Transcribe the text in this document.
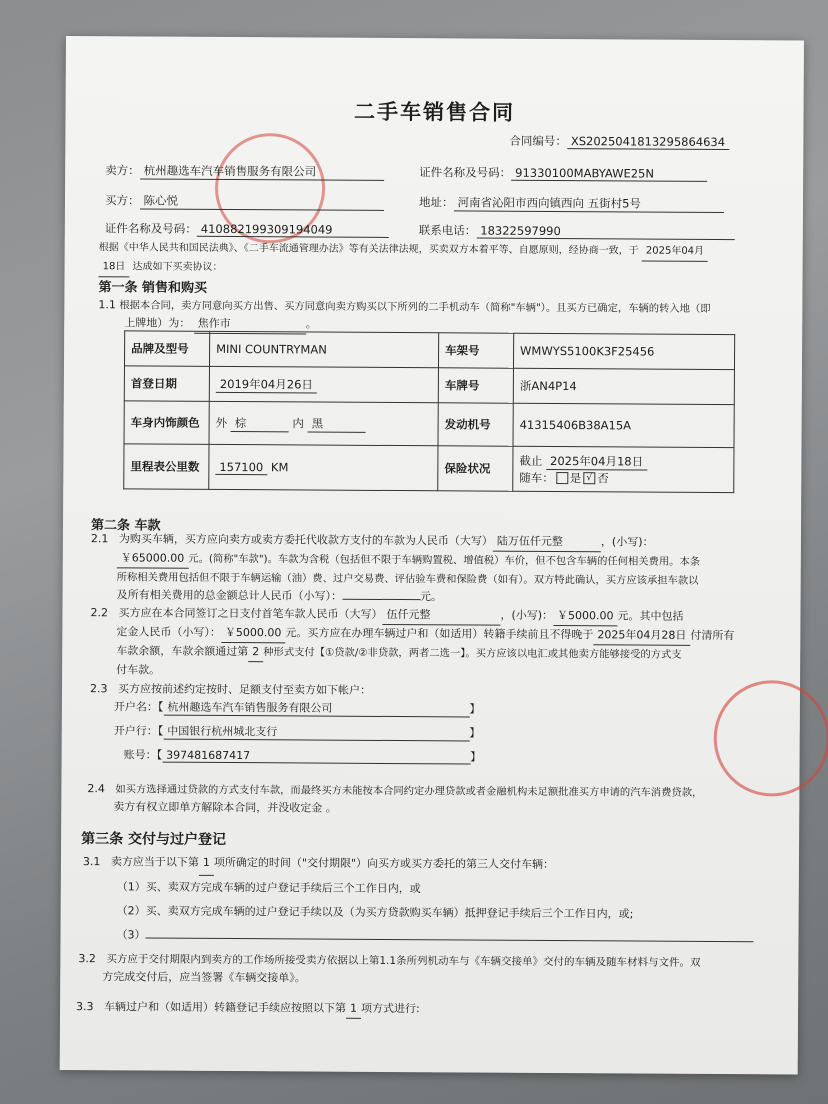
二手车销售合同
合同编号： XS2025041813295864634
卖方： 杭州趣选车汽车销售服务有限公司	证件名称及号码： 91330100MABYAWE25N
买方： 陈心悦	地址： 河南省沁阳市西向镇西向 五街村5号
证件名称及号码： 410882199309194049	联系电话： 18322597990
根据《中华人民共和国民法典》、《二手车流通管理办法》等有关法律法规，买卖双方本着平等、自愿原则，经协商一致，于 2025年04月
18日 达成如下买卖协议：
第一条 销售和购买
1.1 根据本合同，卖方同意向买方出售、买方同意向卖方购买以下所列的二手机动车（简称"车辆"）。且买方已确定，车辆的转入地（即
上牌地）为： 焦作市	。
品牌及型号	MINI COUNTRYMAN	车架号	WMWYS5100K3F25456
首登日期	2019年04月26日	车牌号	浙AN4P14
车身内饰颜色	外 棕 内 黑	发动机号	41315406B38A15A
里程表公里数	157100 KM	保险状况	截止 2025年04月18日
随车： 是 √ 否
第二条 车款
2.1 为购买车辆，买方应向卖方或卖方委托代收款方支付的车款为人民币（大写） 陆万伍仟元整	，(小写)：
￥65000.00 元。(简称"车款")。车款为含税（包括但不限于车辆购置税、增值税）车价，但不包含车辆的任何相关费用。本条
所称相关费用包括但不限于车辆运输（油）费、过户交易费、评估验车费和保险费（如有）。双方特此确认，买方应该承担车款以
及所有相关费用的总金额总计人民币（小写）：	元。
2.2 买方应在本合同签订之日支付首笔车款人民币（大写） 伍仟元整	，(小写)： ￥5000.00 元。其中包括
定金人民币（小写）： ￥5000.00 元。买方应在办理车辆过户和（如适用）转籍手续前且不得晚于 2025年04月28日 付清所有
车款余额，车款余额通过第 2 种形式支付【①贷款/②非贷款，两者二选一】。买方应该以电汇或其他卖方能够接受的方式支
付车款。
2.3 买方应按前述约定按时、足额支付至卖方如下帐户：
开户名：【 杭州趣选车汽车销售服务有限公司	】
开户行：【 中国银行杭州城北支行	】
账号：【 397481687417	】
2.4 如买方选择通过贷款的方式支付车款，而最终买方未能按本合同约定办理贷款或者金融机构未足额批准买方申请的汽车消费贷款，
卖方有权立即单方解除本合同，并没收定金 。
第三条 交付与过户登记
3.1 卖方应当于以下第 1 项所确定的时间（"交付期限"）向买方或买方委托的第三人交付车辆：
（1）买、卖双方完成车辆的过户登记手续后三个工作日内，或
（2）买、卖双方完成车辆的过户登记手续以及（为买方贷款购买车辆）抵押登记手续后三个工作日内，或;
（3）
3.2 买方应于交付期限内到卖方的工作场所接受卖方依据以上第1.1条所列机动车与《车辆交接单》交付的车辆及随车材料与文件。双
方完成交付后，应当签署《车辆交接单》。
3.3 车辆过户和（如适用）转籍登记手续应按照以下第 1 项方式进行:
